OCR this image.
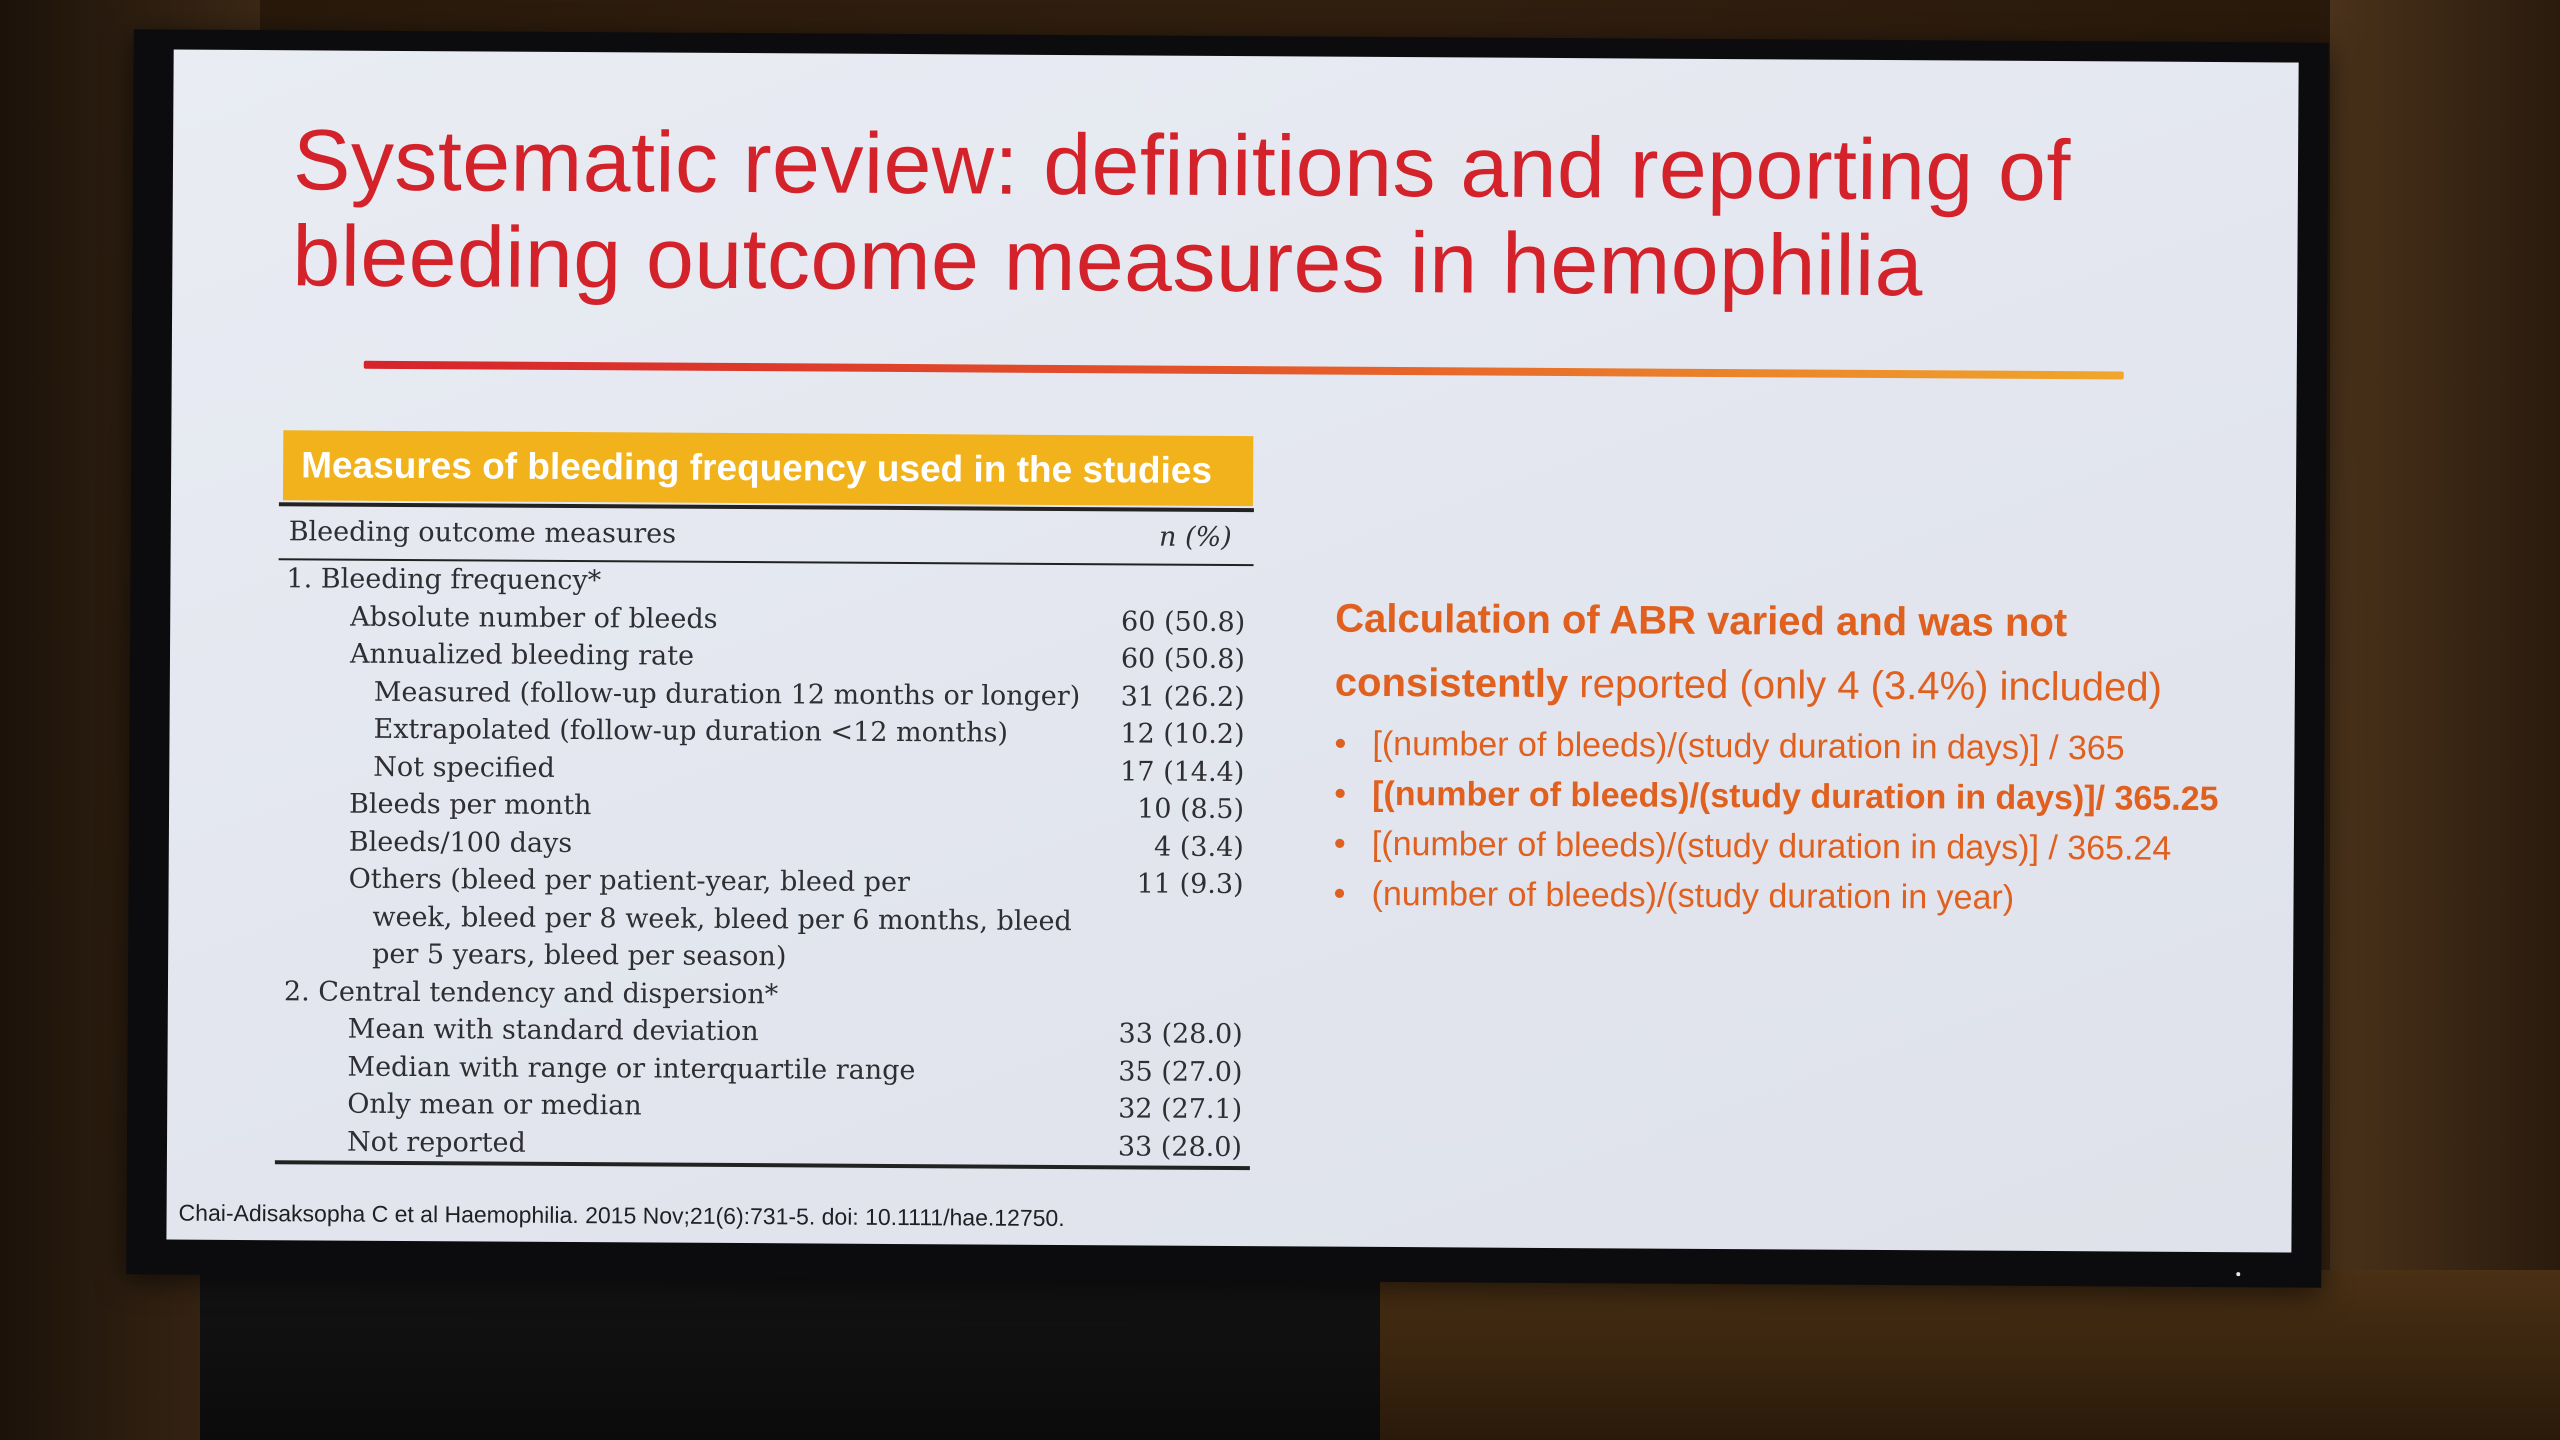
Systematic review: definitions and reporting of
bleeding outcome measures in hemophilia
Measures of bleeding frequency used in the studies
Bleeding outcome measures	n (%)
1. Bleeding frequency*
Absolute number of bleeds	60 (50.8)
Annualized bleeding rate	60 (50.8)
Measured (follow-up duration 12 months or longer) 31 (26.2)
Extrapolated (follow-up duration <12 months)	12 (10.2)
Not specified	17 (14.4)
Bleeds per month	10 (8.5)
Bleeds/100 days	4 (3.4)
Others (bleed per patient-year, bleed per	11 (9.3)
week, bleed per 8 week, bleed per 6 months, bleed
per 5 years, bleed per season)
2. Central tendency and dispersion*
Mean with standard deviation	33 (28.0)
Median with range or interquartile range	35 (27.0)
Only mean or median	32 (27.1)
Not reported	33 (28.0)
Calculation of ABR varied and was not
consistently reported (only 4 (3.4%) included)
• [(number of bleeds)/(study duration in days)] / 365
• [(number of bleeds)/(study duration in days)]/ 365.25
• [(number of bleeds)/(study duration in days)] / 365.24
• (number of bleeds)/(study duration in year)
Chai-Adisaksopha C et al Haemophilia. 2015 Nov;21(6):731-5. doi: 10.1111/hae.12750.
